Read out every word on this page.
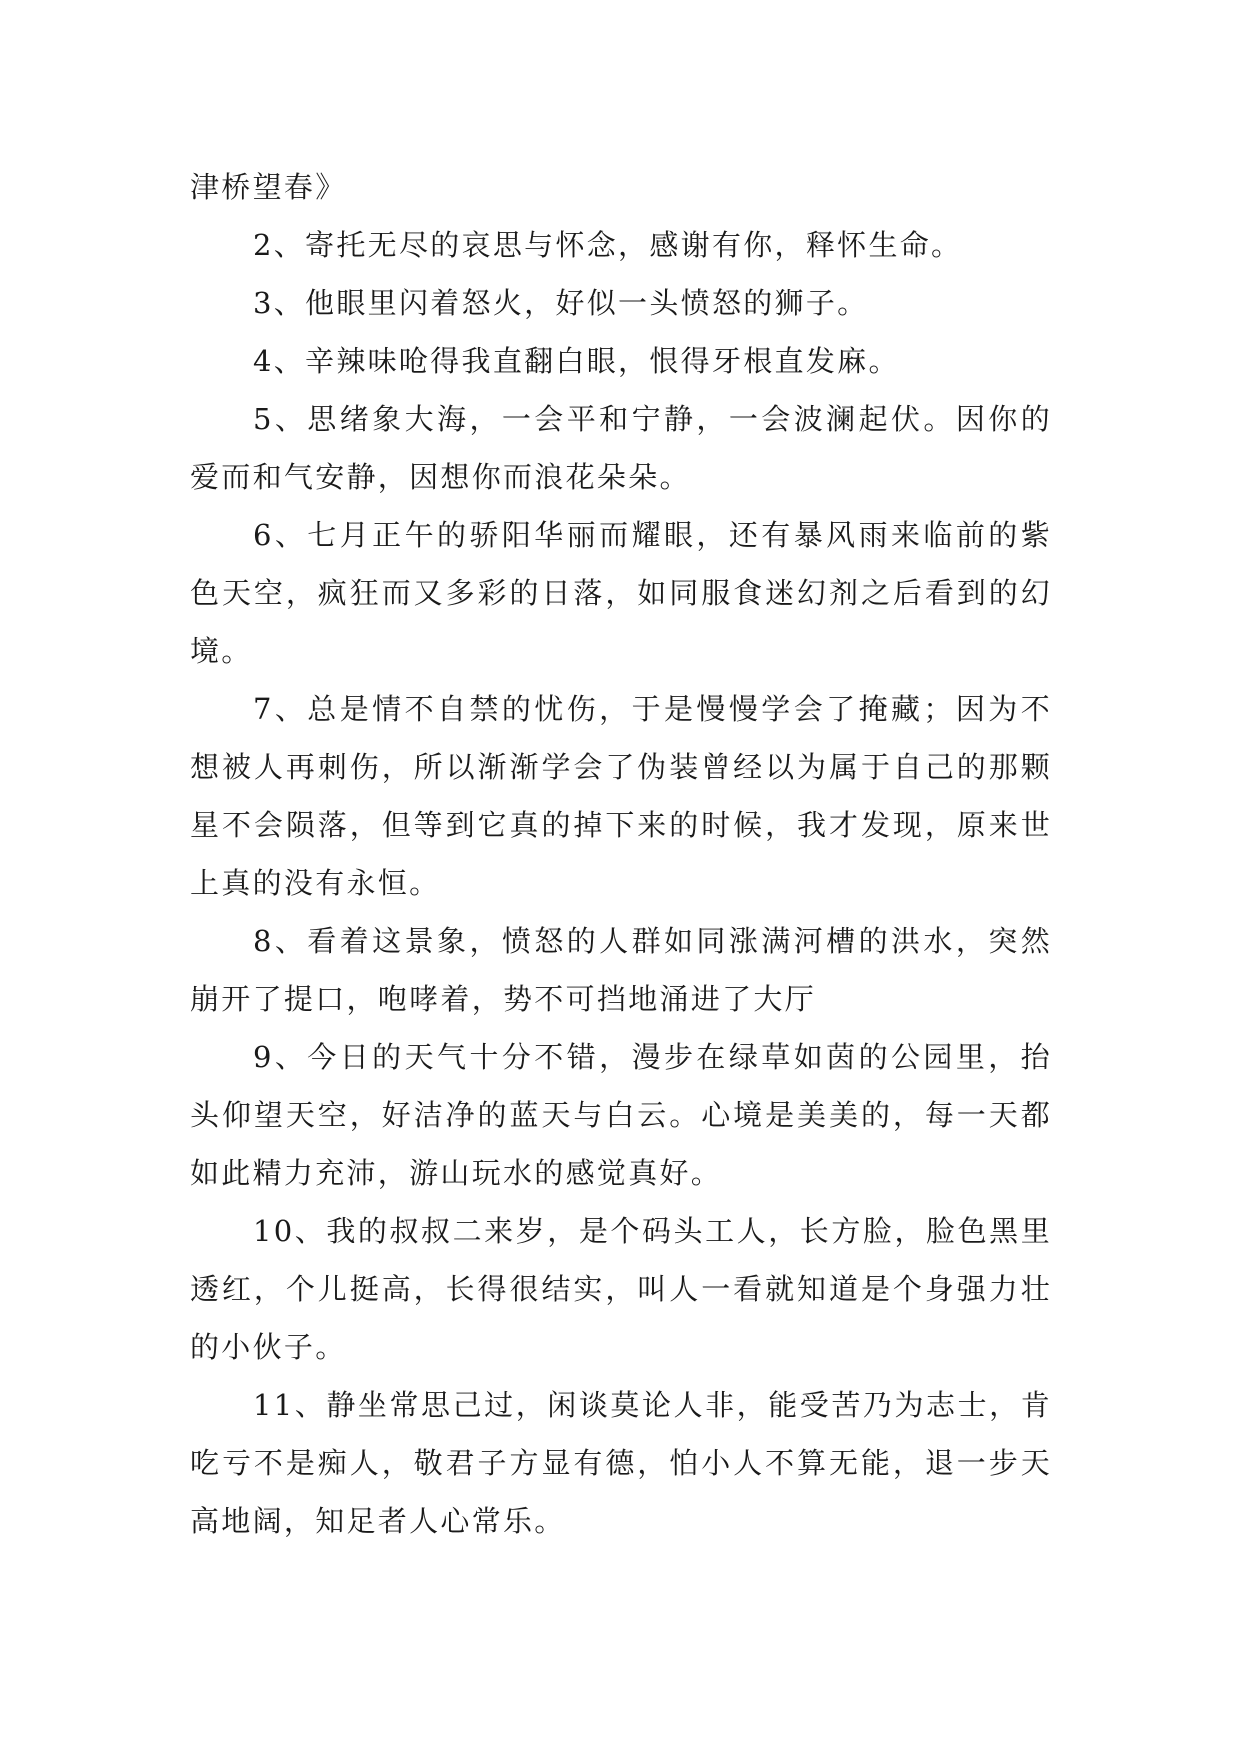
津桥望春》

2、寄托无尽的哀思与怀念，感谢有你，释怀生命。

3、他眼里闪着怒火，好似一头愤怒的狮子。

4、辛辣味呛得我直翻白眼，恨得牙根直发麻。

5、思绪象大海，一会平和宁静，一会波澜起伏。因你的爱而和气安静，因想你而浪花朵朵。

6、七月正午的骄阳华丽而耀眼，还有暴风雨来临前的紫色天空，疯狂而又多彩的日落，如同服食迷幻剂之后看到的幻境。

7、总是情不自禁的忧伤，于是慢慢学会了掩藏；因为不想被人再刺伤，所以渐渐学会了伪装曾经以为属于自己的那颗星不会陨落，但等到它真的掉下来的时候，我才发现，原来世上真的没有永恒。

8、看着这景象，愤怒的人群如同涨满河槽的洪水，突然崩开了提口，咆哮着，势不可挡地涌进了大厅

9、今日的天气十分不错，漫步在绿草如茵的公园里，抬头仰望天空，好洁净的蓝天与白云。心境是美美的，每一天都如此精力充沛，游山玩水的感觉真好。

10、我的叔叔二来岁，是个码头工人，长方脸，脸色黑里透红，个儿挺高，长得很结实，叫人一看就知道是个身强力壮的小伙子。

11、静坐常思己过，闲谈莫论人非，能受苦乃为志士，肯吃亏不是痴人，敬君子方显有德，怕小人不算无能，退一步天高地阔，知足者人心常乐。
